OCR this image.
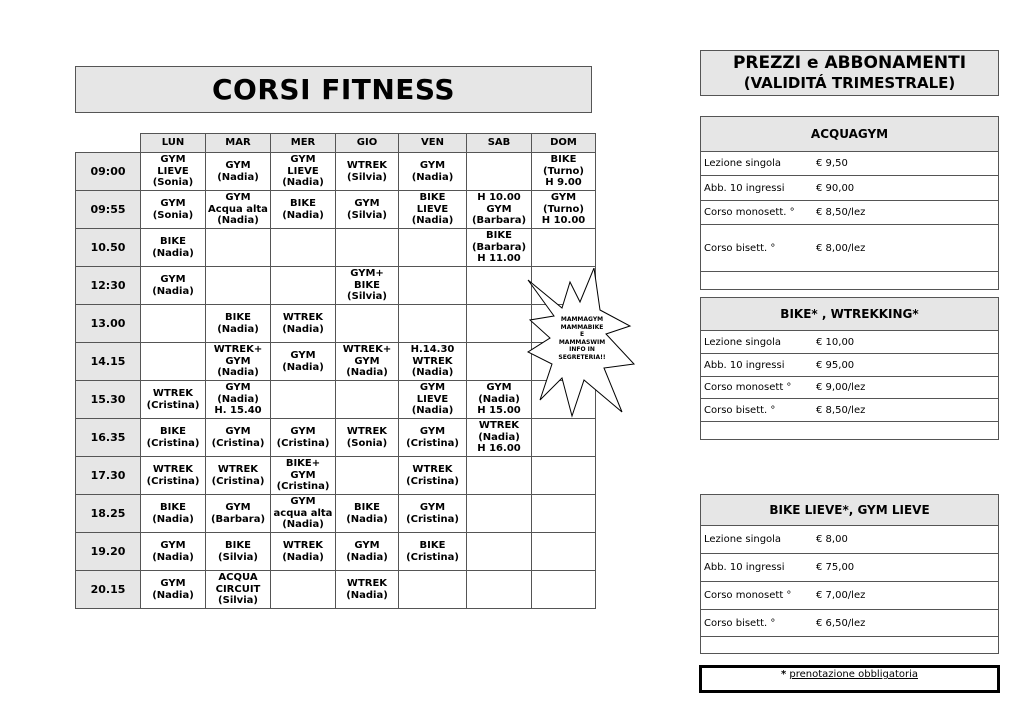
CORSI FITNESS
	LUN	MAR	MER	GIO	VEN	SAB	DOM
09:00	GYM
LIEVE
(Sonia)	GYM
(Nadia)	GYM
LIEVE
(Nadia)	WTREK
(Silvia)	GYM
(Nadia)		BIKE
(Turno)
H 9.00
09:55	GYM
(Sonia)	GYM
Acqua alta
(Nadia)	BIKE
(Nadia)	GYM
(Silvia)	BIKE
LIEVE
(Nadia)	H 10.00
GYM
(Barbara)	GYM
(Turno)
H 10.00
10.50	BIKE
(Nadia)					BIKE
(Barbara)
H 11.00	
12:30	GYM
(Nadia)			GYM+
BIKE
(Silvia)			
13.00		BIKE
(Nadia)	WTREK
(Nadia)				
14.15		WTREK+
GYM
(Nadia)	GYM
(Nadia)	WTREK+
GYM
(Nadia)	H.14.30
WTREK
(Nadia)		
15.30	WTREK
(Cristina)	GYM
(Nadia)
H. 15.40			GYM
LIEVE
(Nadia)	GYM
(Nadia)
H 15.00	
16.35	BIKE
(Cristina)	GYM
(Cristina)	GYM
(Cristina)	WTREK
(Sonia)	GYM
(Cristina)	WTREK
(Nadia)
H 16.00	
17.30	WTREK
(Cristina)	WTREK
(Cristina)	BIKE+
GYM
(Cristina)		WTREK
(Cristina)		
18.25	BIKE
(Nadia)	GYM
(Barbara)	GYM
acqua alta
(Nadia)	BIKE
(Nadia)	GYM
(Cristina)		
19.20	GYM
(Nadia)	BIKE
(Silvia)	WTREK
(Nadia)	GYM
(Nadia)	BIKE
(Cristina)		
20.15	GYM
(Nadia)	ACQUA
CIRCUIT
(Silvia)		WTREK
(Nadia)			
MAMMAGYM
MAMMABIKE
E
MAMMASWIM
INFO IN
SEGRETERIA!!
PREZZI e ABBONAMENTI
(VALIDITÁ TRIMESTRALE)
ACQUAGYM
Lezione singola	€ 9,50
Abb. 10 ingressi	€ 90,00
Corso monosett. °	€ 8,50/lez
Corso bisett. °	€ 8,00/lez
BIKE* , WTREKKING*
Lezione singola	€ 10,00
Abb. 10 ingressi	€ 95,00
Corso monosett °	€ 9,00/lez
Corso bisett. °	€ 8,50/lez
BIKE LIEVE*, GYM LIEVE
Lezione singola	€ 8,00
Abb. 10 ingressi	€ 75,00
Corso monosett °	€ 7,00/lez
Corso bisett. °	€ 6,50/lez
* prenotazione obbligatoria
